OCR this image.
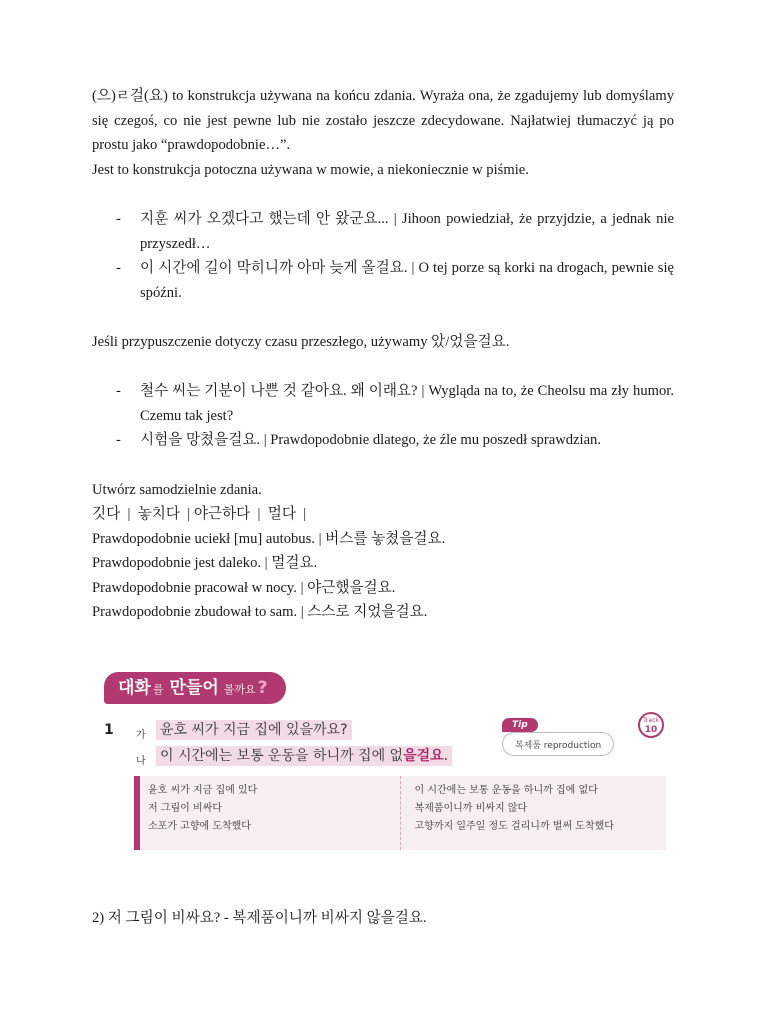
(으)ㄹ걸(요) to konstrukcja używana na końcu zdania. Wyraża ona, że zgadujemy lub domyślamy się czegoś, co nie jest pewne lub nie zostało jeszcze zdecydowane. Najłatwiej tłumaczyć ją po prostu jako “prawdopodobnie…”.

Jest to konstrukcja potoczna używana w mowie, a niekoniecznie w piśmie.

- 지훈 씨가 오겠다고 했는데 안 왔군요... | Jihoon powiedział, że przyjdzie, a jednak nie przyszedł…
- 이 시간에 길이 막히니까 아마 늦게 올걸요. | O tej porze są korki na drogach, pewnie się spóźni.

Jeśli przypuszczenie dotyczy czasu przeszłego, używamy 았/었을걸요.

- 철수 씨는 기분이 나쁜 것 같아요. 왜 이래요? | Wygląda na to, że Cheolsu ma zły humor. Czemu tak jest?
- 시험을 망쳤을걸요. | Prawdopodobnie dlatego, że źle mu poszedł sprawdzian.

Utwórz samodzielnie zdania.

깃다  |  놓치다  | 야근하다  |  멀다  |

Prawdopodobnie uciekł [mu] autobus. | 버스를 놓쳤을걸요.

Prawdopodobnie jest daleko. | 멀걸요.

Prawdopodobnie pracował w nocy. | 야근했을걸요.

Prawdopodobnie zbudował to sam. | 스스로 지었을걸요.

대화 를 만들어 볼까요 ?
1 가
나
윤호 씨가 지금 집에 있을까요?
이 시간에는 보통 운동을 하니까 집에 없을걸요.
Tip
복제품 reproduction
Track
10
윤호 씨가 지금 집에 있다
저 그림이 비싸다
소포가 고향에 도착했다
이 시간에는 보통 운동을 하니까 집에 없다
복제품이니까 비싸지 않다
고향까지 일주일 정도 걸리니까 벌써 도착했다
2) 저 그림이 비싸요? - 복제품이니까 비싸지 않을걸요.
